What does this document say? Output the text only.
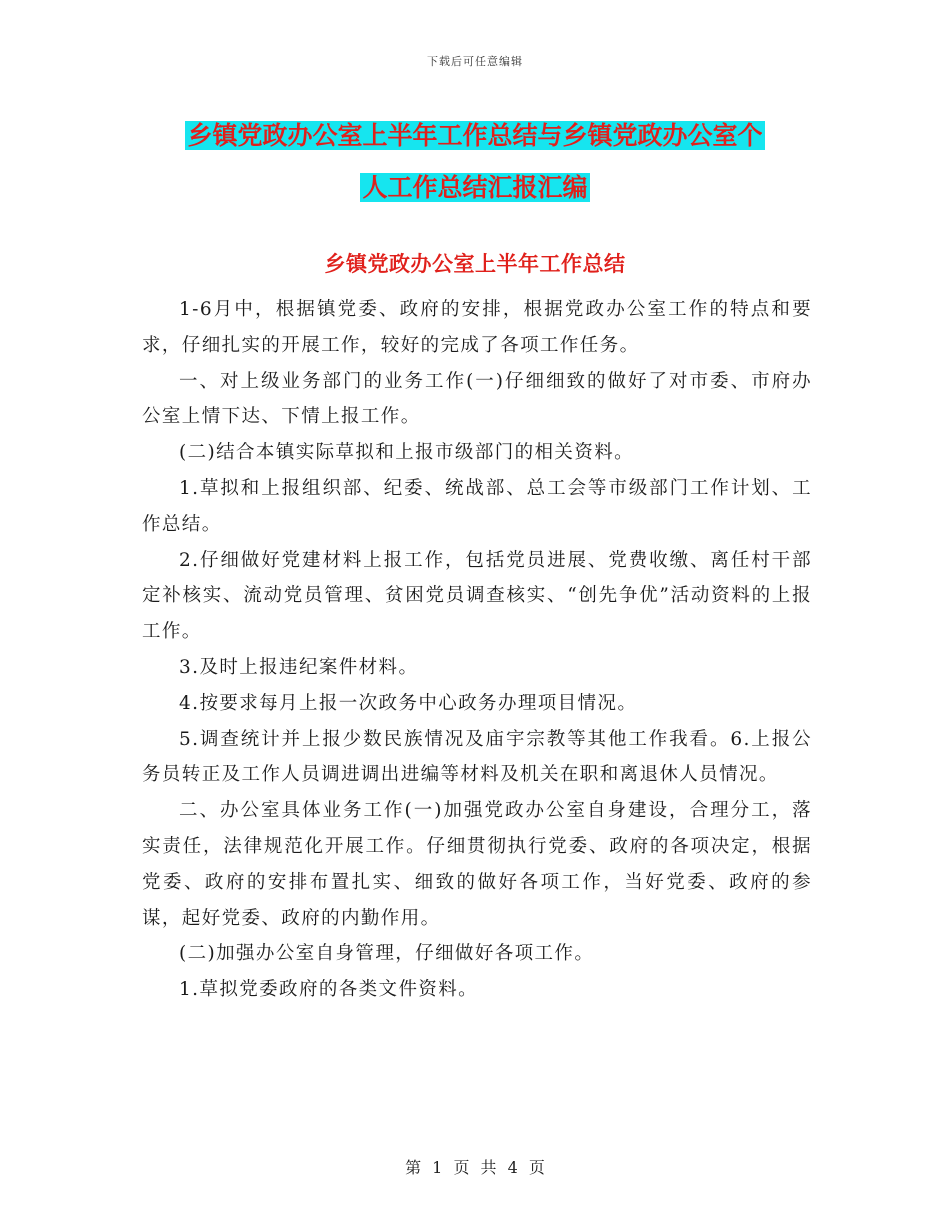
下载后可任意编辑
乡镇党政办公室上半年工作总结与乡镇党政办公室个
人工作总结汇报汇编
乡镇党政办公室上半年工作总结

1-6月中，根据镇党委、政府的安排，根据党政办公室工作的特点和要求，仔细扎实的开展工作，较好的完成了各项工作任务。

一、对上级业务部门的业务工作(一)仔细细致的做好了对市委、市府办公室上情下达、下情上报工作。

(二)结合本镇实际草拟和上报市级部门的相关资料。

1.草拟和上报组织部、纪委、统战部、总工会等市级部门工作计划、工作总结。

2.仔细做好党建材料上报工作，包括党员进展、党费收缴、离任村干部定补核实、流动党员管理、贫困党员调查核实、“创先争优”活动资料的上报工作。

3.及时上报违纪案件材料。

4.按要求每月上报一次政务中心政务办理项目情况。

5.调查统计并上报少数民族情况及庙宇宗教等其他工作我看。6.上报公务员转正及工作人员调进调出进编等材料及机关在职和离退休人员情况。

二、办公室具体业务工作(一)加强党政办公室自身建设，合理分工，落实责任，法律规范化开展工作。仔细贯彻执行党委、政府的各项决定，根据党委、政府的安排布置扎实、细致的做好各项工作，当好党委、政府的参谋，起好党委、政府的内勤作用。

(二)加强办公室自身管理，仔细做好各项工作。

1.草拟党委政府的各类文件资料。

第 1 页 共 4 页
